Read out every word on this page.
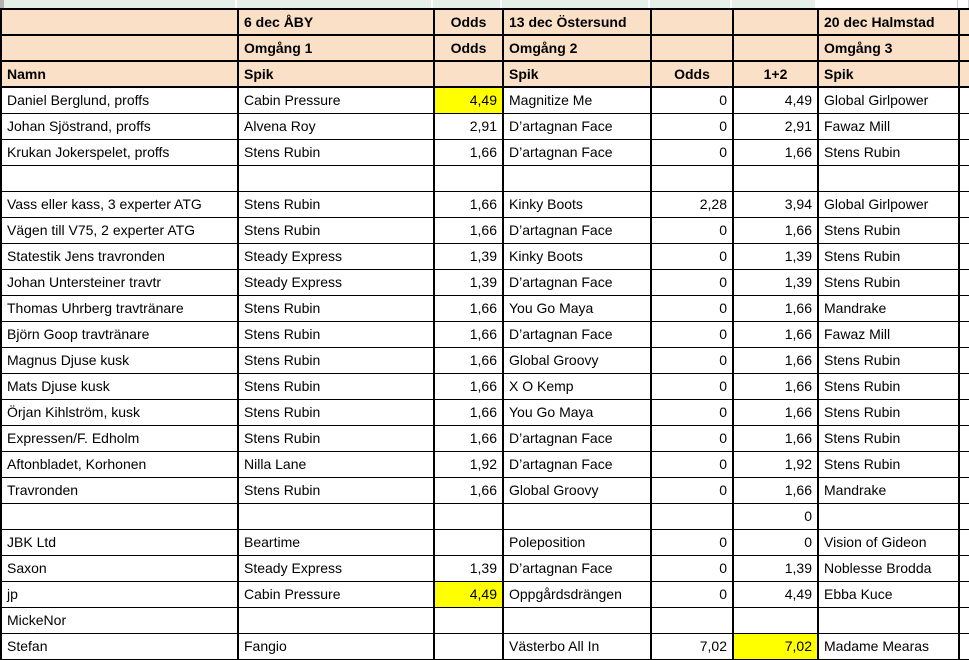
	6 dec ÅBY	Odds	13 dec Östersund			20 dec Halmstad	
	Omgång 1	Odds	Omgång 2			Omgång 3	
Namn	Spik		Spik	Odds	1+2	Spik	
Daniel Berglund, proffs	Cabin Pressure	4,49	Magnitize Me	0	4,49	Global Girlpower	
Johan Sjöstrand, proffs	Alvena Roy	2,91	D’artagnan Face	0	2,91	Fawaz Mill	
Krukan Jokerspelet, proffs	Stens Rubin	1,66	D’artagnan Face	0	1,66	Stens Rubin	

Vass eller kass, 3 experter ATG	Stens Rubin	1,66	Kinky Boots	2,28	3,94	Global Girlpower	
Vägen till V75, 2 experter ATG	Stens Rubin	1,66	D’artagnan Face	0	1,66	Stens Rubin	
Statestik Jens travronden	Steady Express	1,39	Kinky Boots	0	1,39	Stens Rubin	
Johan Untersteiner travtr	Steady Express	1,39	D’artagnan Face	0	1,39	Stens Rubin	
Thomas Uhrberg travtränare	Stens Rubin	1,66	You Go Maya	0	1,66	Mandrake	
Björn Goop travtränare	Stens Rubin	1,66	D’artagnan Face	0	1,66	Fawaz Mill	
Magnus Djuse kusk	Stens Rubin	1,66	Global Groovy	0	1,66	Stens Rubin	
Mats Djuse kusk	Stens Rubin	1,66	X O Kemp	0	1,66	Stens Rubin	
Örjan Kihlström, kusk	Stens Rubin	1,66	You Go Maya	0	1,66	Stens Rubin	
Expressen/F. Edholm	Stens Rubin	1,66	D’artagnan Face	0	1,66	Stens Rubin	
Aftonbladet, Korhonen	Nilla Lane	1,92	D’artagnan Face	0	1,92	Stens Rubin	
Travronden	Stens Rubin	1,66	Global Groovy	0	1,66	Mandrake	
					0		
JBK Ltd	Beartime		Poleposition	0	0	Vision of Gideon	
Saxon	Steady Express	1,39	D’artagnan Face	0	1,39	Noblesse Brodda	
jp	Cabin Pressure	4,49	Oppgårdsdrängen	0	4,49	Ebba Kuce	
MickeNor							
Stefan	Fangio		Västerbo All In	7,02	7,02	Madame Mearas	
